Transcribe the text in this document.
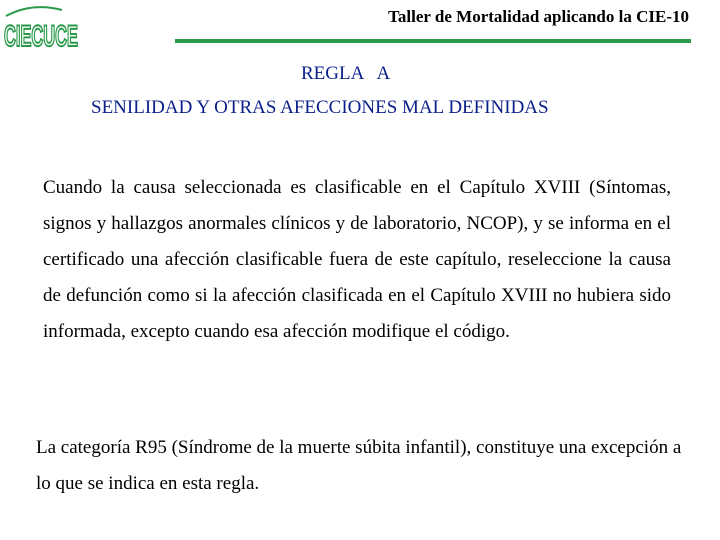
CIECUCE
Taller de Mortalidad aplicando la CIE-10
REGLA   A
SENILIDAD Y OTRAS AFECCIONES MAL DEFINIDAS
Cuando la causa seleccionada es clasificable en el Capítulo XVIII (Síntomas, signos y hallazgos anormales clínicos y de laboratorio, NCOP), y se informa en el certificado una afección clasificable fuera de este capítulo, reseleccione la causa de defunción como si la afección clasificada en el Capítulo XVIII no hubiera sido informada, excepto cuando esa afección modifique el código.
La categoría R95 (Síndrome de la muerte súbita infantil), constituye una excepción a lo que se indica en esta regla.
